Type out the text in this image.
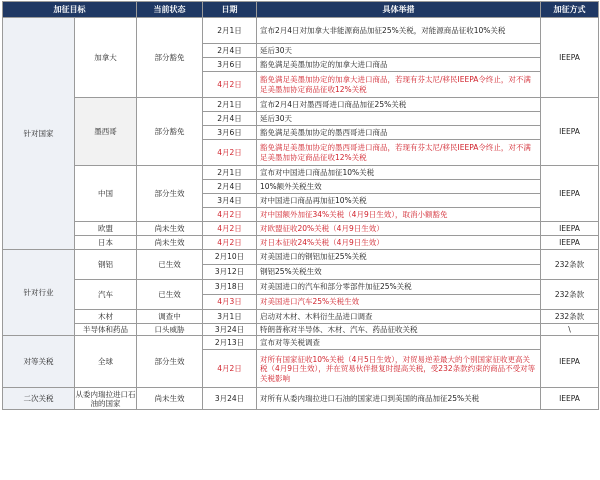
加征目标		当前状态	日期	具体举措	加征方式
针对国家	加拿大	部分豁免	2月1日	宣布2月4日对加拿大非能源商品加征25%关税，对能源商品征收10%关税	IEEPA
			2月4日	延后30天	
			3月6日	豁免满足美墨加协定的加拿大进口商品	
			4月2日	豁免满足美墨加协定的加拿大进口商品，若现有芬太尼/移民IEEPA令终止，对不满足美墨加协定商品征收12%关税	
	墨西哥	部分豁免	2月1日	宣布2月4日对墨西哥进口商品加征25%关税	IEEPA
			2月4日	延后30天	
			3月6日	豁免满足美墨加协定的墨西哥进口商品	
			4月2日	豁免满足美墨加协定的墨西哥进口商品，若现有芬太尼/移民IEEPA令终止，对不满足美墨加协定商品征收12%关税	
	中国	部分生效	2月1日	宣布对中国进口商品加征10%关税	IEEPA
			2月4日	10%额外关税生效	
			3月4日	对中国进口商品再加征10%关税	
			4月2日	对中国额外加征34%关税（4月9日生效），取消小额豁免	
	欧盟	尚未生效	4月2日	对欧盟征收20%关税（4月9日生效）	IEEPA
	日本	尚未生效	4月2日	对日本征收24%关税（4月9日生效）	IEEPA
针对行业	钢铝	已生效	2月10日	对美国进口的钢铝加征25%关税	232条款
			3月12日	钢铝25%关税生效	
	汽车	已生效	3月18日	对美国进口的汽车和部分零部件加征25%关税	232条款
			4月3日	对美国进口汽车25%关税生效	
	木材	调查中	3月1日	启动对木材、木料衍生品进口调查	232条款
	半导体和药品	口头威胁	3月24日	特朗普称对半导体、木材、汽车、药品征收关税	\
对等关税	全球	部分生效	2月13日	宣布对等关税调查	IEEPA
			4月2日	对所有国家征收10%关税（4月5日生效），对贸易逆差最大的个别国家征收更高关税（4月9日生效），并在贸易伙伴报复时提高关税，受232条款约束的商品不受对等关税影响	
二次关税	从委内瑞拉进口石油的国家	尚未生效	3月24日	对所有从委内瑞拉进口石油的国家进口到美国的商品加征25%关税	IEEPA
